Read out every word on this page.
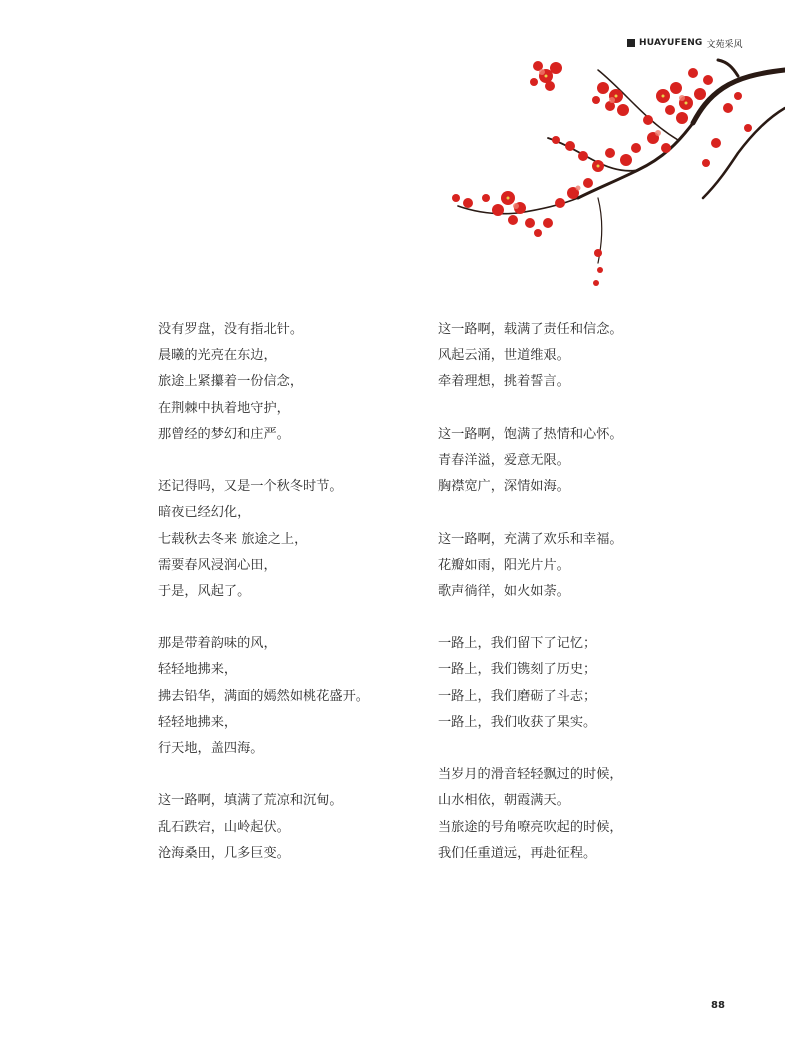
HUAYUFENG 文苑采风
没有罗盘，没有指北针。
晨曦的光亮在东边，
旅途上紧攥着一份信念，
在荆棘中执着地守护，
那曾经的梦幻和庄严。
还记得吗，又是一个秋冬时节。
暗夜已经幻化，
七载秋去冬来 旅途之上，
需要春风浸润心田，
于是，风起了。
那是带着韵味的风，
轻轻地拂来，
拂去铅华，满面的嫣然如桃花盛开。
轻轻地拂来，
行天地，盖四海。
这一路啊，填满了荒凉和沉甸。
乱石跌宕，山岭起伏。
沧海桑田，几多巨变。
这一路啊，载满了责任和信念。
风起云涌，世道维艰。
牵着理想，挑着誓言。
这一路啊，饱满了热情和心怀。
青春洋溢，爱意无限。
胸襟宽广，深情如海。
这一路啊，充满了欢乐和幸福。
花瓣如雨，阳光片片。
歌声徜徉，如火如荼。
一路上，我们留下了记忆；
一路上，我们镌刻了历史；
一路上，我们磨砺了斗志；
一路上，我们收获了果实。
当岁月的滑音轻轻飘过的时候，
山水相依，朝霞满天。
当旅途的号角嘹亮吹起的时候，
我们任重道远，再赴征程。
88
